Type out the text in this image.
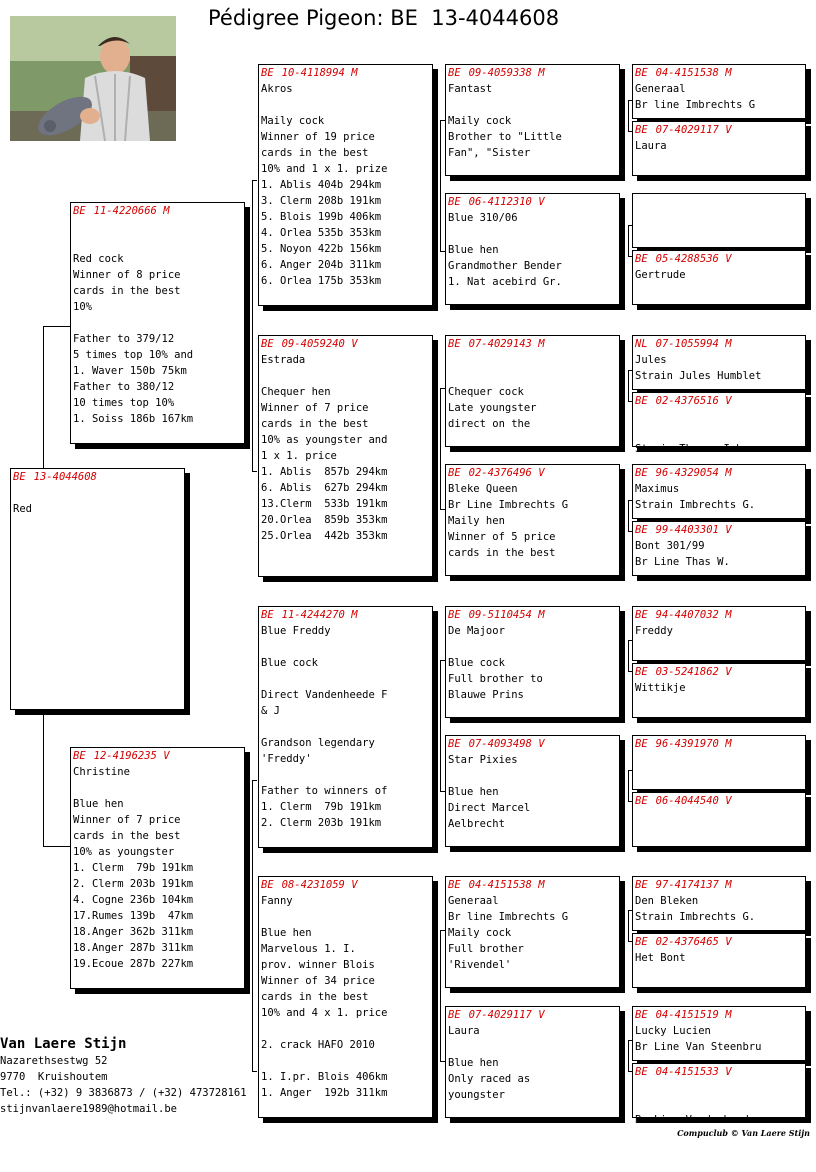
Pédigree Pigeon: BE  13-4044608
BE 13-4044608
Red
BE 11-4220666 M
Red cock
Winner of 8 price
cards in the best
10%
Father to 379/12
5 times top 10% and
1. Waver 150b 75km
Father to 380/12
10 times top 10%
1. Soiss 186b 167km
BE 12-4196235 V
Christine
Blue hen
Winner of 7 price
cards in the best
10% as youngster
1. Clerm  79b 191km
2. Clerm 203b 191km
4. Cogne 236b 104km
17.Rumes 139b  47km
18.Anger 362b 311km
18.Anger 287b 311km
19.Ecoue 287b 227km
BE 10-4118994 M
Akros
Maily cock
Winner of 19 price
cards in the best
10% and 1 x 1. prize
1. Ablis 404b 294km
3. Clerm 208b 191km
5. Blois 199b 406km
4. Orlea 535b 353km
5. Noyon 422b 156km
6. Anger 204b 311km
6. Orlea 175b 353km
BE 09-4059240 V
Estrada
Chequer hen
Winner of 7 price
cards in the best
10% as youngster and
1 x 1. price
1. Ablis  857b 294km
6. Ablis  627b 294km
13.Clerm  533b 191km
20.Orlea  859b 353km
25.Orlea  442b 353km
BE 11-4244270 M
Blue Freddy
Blue cock
Direct Vandenheede F
& J
Grandson legendary
'Freddy'
Father to winners of
1. Clerm  79b 191km
2. Clerm 203b 191km
BE 08-4231059 V
Fanny
Blue hen
Marvelous 1. I.
prov. winner Blois
Winner of 34 price
cards in the best
10% and 4 x 1. price
2. crack HAFO 2010
1. I.pr. Blois 406km
1. Anger  192b 311km
BE 09-4059338 M
Fantast
Maily cock
Brother to "Little
Fan", "Sister
BE 06-4112310 V
Blue 310/06
Blue hen
Grandmother Bender
1. Nat acebird Gr.
BE 07-4029143 M
Chequer cock
Late youngster
direct on the
BE 02-4376496 V
Bleke Queen
Br Line Imbrechts G
Maily hen
Winner of 5 price
cards in the best
BE 09-5110454 M
De Majoor
Blue cock
Full brother to
Blauwe Prins
BE 07-4093498 V
Star Pixies
Blue hen
Direct Marcel
Aelbrecht
BE 04-4151538 M
Generaal
Br line Imbrechts G
Maily cock
Full brother
'Rivendel'
BE 07-4029117 V
Laura
Blue hen
Only raced as
youngster
BE 04-4151538 M
Generaal
Br line Imbrechts G
BE 07-4029117 V
Laura

BE 05-4288536 V
Gertrude
NL 07-1055994 M
Jules
Strain Jules Humblet
BE 02-4376516 V
Strain Thas x Imbrec
BE 96-4329054 M
Maximus
Strain Imbrechts G.
BE 99-4403301 V
Bont 301/99
Br Line Thas W.
BE 94-4407032 M
Freddy
BE 03-5241862 V
Wittikje
BE 96-4391970 M
BE 06-4044540 V
BE 97-4174137 M
Den Bleken
Strain Imbrechts G.
BE 02-4376465 V
Het Bont
BE 04-4151519 M
Lucky Lucien
Br Line Van Steenbru
BE 04-4151533 V
Br Line Vandenheede
Van Laere Stijn
Nazarethsestwg 52
9770  Kruishoutem
Tel.: (+32) 9 3836873 / (+32) 473728161
stijnvanlaere1989@hotmail.be
Compuclub © Van Laere Stijn
